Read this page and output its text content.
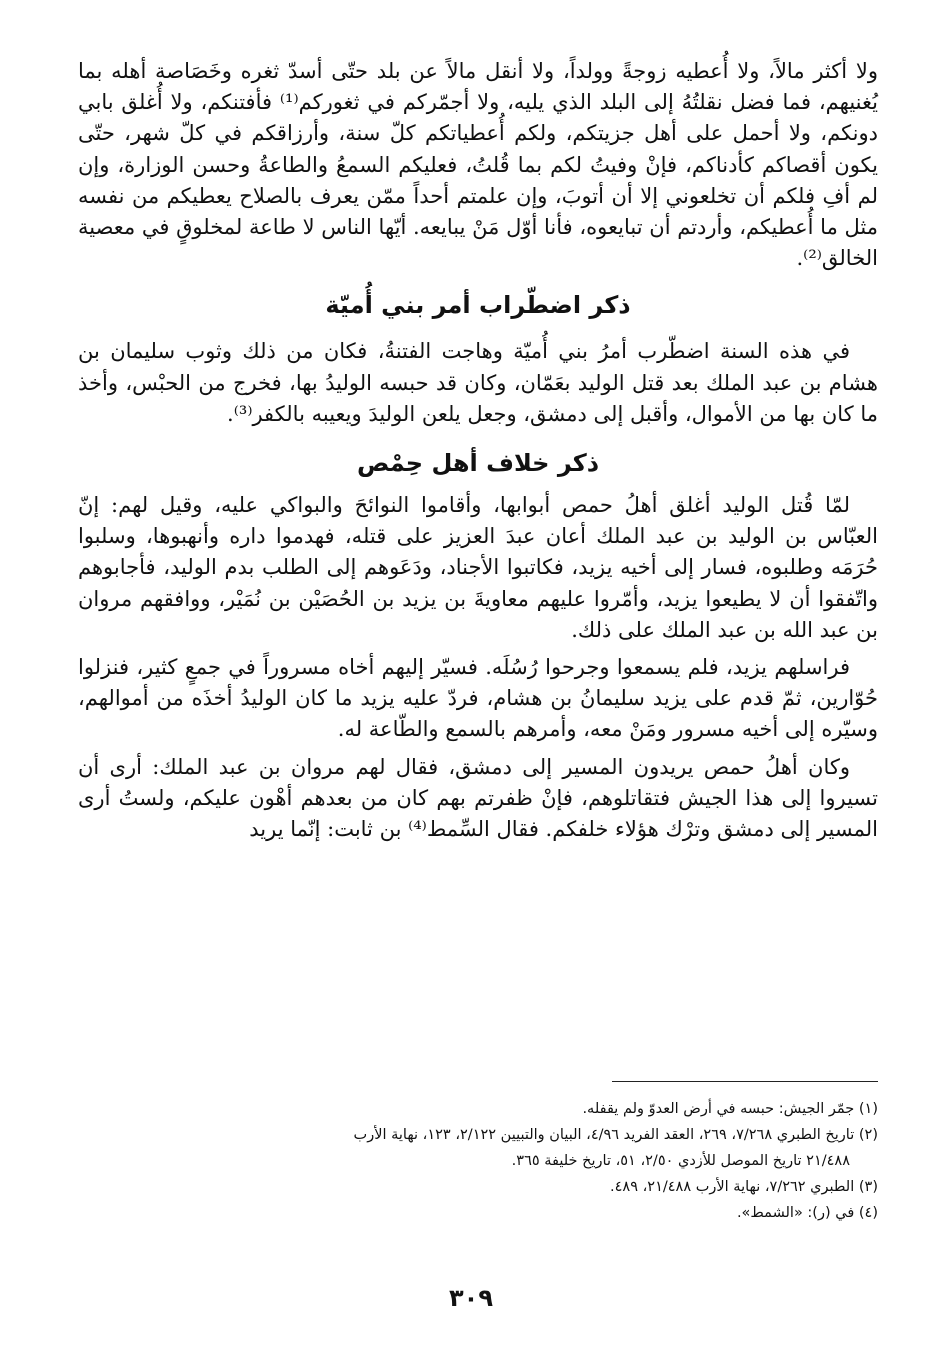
ولا أكثر مالاً، ولا أُعطيه زوجةً وولداً، ولا أنقل مالاً عن بلد حتّى أسدّ ثغره وخَصَاصة أهله بما يُغنيهم، فما فضل نقلتُهُ إلى البلد الذي يليه، ولا أجمّركم في ثغوركم⁽¹⁾ فأفتنكم، ولا أُغلق بابي دونكم، ولا أحمل على أهل جزيتكم، ولكم أُعطياتكم كلّ سنة، وأرزاقكم في كلّ شهر، حتّى يكون أقصاكم كأدناكم، فإنْ وفيتُ لكم بما قُلتُ، فعليكم السمعُ والطاعةُ وحسن الوزارة، وإن لم أفِ فلكم أن تخلعوني إلا أن أتوبَ، وإن علمتم أحداً ممّن يعرف بالصلاح يعطيكم من نفسه مثل ما أُعطيكم، وأردتم أن تبايعوه، فأنا أوّل مَنْ يبايعه. أيّها الناس لا طاعة لمخلوقٍ في معصية الخالق⁽²⁾.

ذكر اضطّراب أمر بني أُميّة

في هذه السنة اضطّرب أمرُ بني أُميّة وهاجت الفتنةُ، فكان من ذلك وثوب سليمان بن هشام بن عبد الملك بعد قتل الوليد بعَمّان، وكان قد حبسه الوليدُ بها، فخرج من الحبْس، وأخذ ما كان بها من الأموال، وأقبل إلى دمشق، وجعل يلعن الوليدَ ويعيبه بالكفر⁽³⁾.

ذكر خلاف أهل حِمْص

لمّا قُتل الوليد أغلق أهلُ حمص أبوابها، وأقاموا النوائحَ والبواكي عليه، وقيل لهم: إنّ العبّاس بن الوليد بن عبد الملك أعان عبدَ العزيز على قتله، فهدموا داره وأنهبوها، وسلبوا حُرَمَه وطلبوه، فسار إلى أخيه يزيد، فكاتبوا الأجناد، ودَعَوهم إلى الطلب بدم الوليد، فأجابوهم واتّفقوا أن لا يطيعوا يزيد، وأمّروا عليهم معاويةَ بن يزيد بن الحُصَيْن بن نُمَيْر، ووافقهم مروان بن عبد الله بن عبد الملك على ذلك.

فراسلهم يزيد، فلم يسمعوا وجرحوا رُسُلَه. فسيّر إليهم أخاه مسروراً في جمعٍ كثير، فنزلوا حُوّارين، ثمّ قدم على يزيد سليمانُ بن هشام، فردّ عليه يزيد ما كان الوليدُ أخذَه من أموالهم، وسيّره إلى أخيه مسرور ومَنْ معه، وأمرهم بالسمع والطّاعة له.

وكان أهلُ حمص يريدون المسير إلى دمشق، فقال لهم مروان بن عبد الملك: أرى أن تسيروا إلى هذا الجيش فتقاتلوهم، فإنْ ظفرتم بهم كان من بعدهم أهْون عليكم، ولستُ أرى المسير إلى دمشق وترْك هؤلاء خلفكم. فقال السِّمط⁽⁴⁾ بن ثابت: إنّما يريد

(١) جمّر الجيش: حبسه في أرض العدوّ ولم يقفله.

(٢) تاريخ الطبري ٧/٢٦٨، ٢٦٩، العقد الفريد ٤/٩٦، البيان والتبيين ٢/١٢٢، ١٢٣، نهاية الأرب

٢١/٤٨٨ تاريخ الموصل للأزدي ٢/٥٠، ٥١، تاريخ خليفة ٣٦٥.

(٣) الطبري ٧/٢٦٢، نهاية الأرب ٢١/٤٨٨، ٤٨٩.

(٤) في (ر): «الشمط».

٣٠٩
